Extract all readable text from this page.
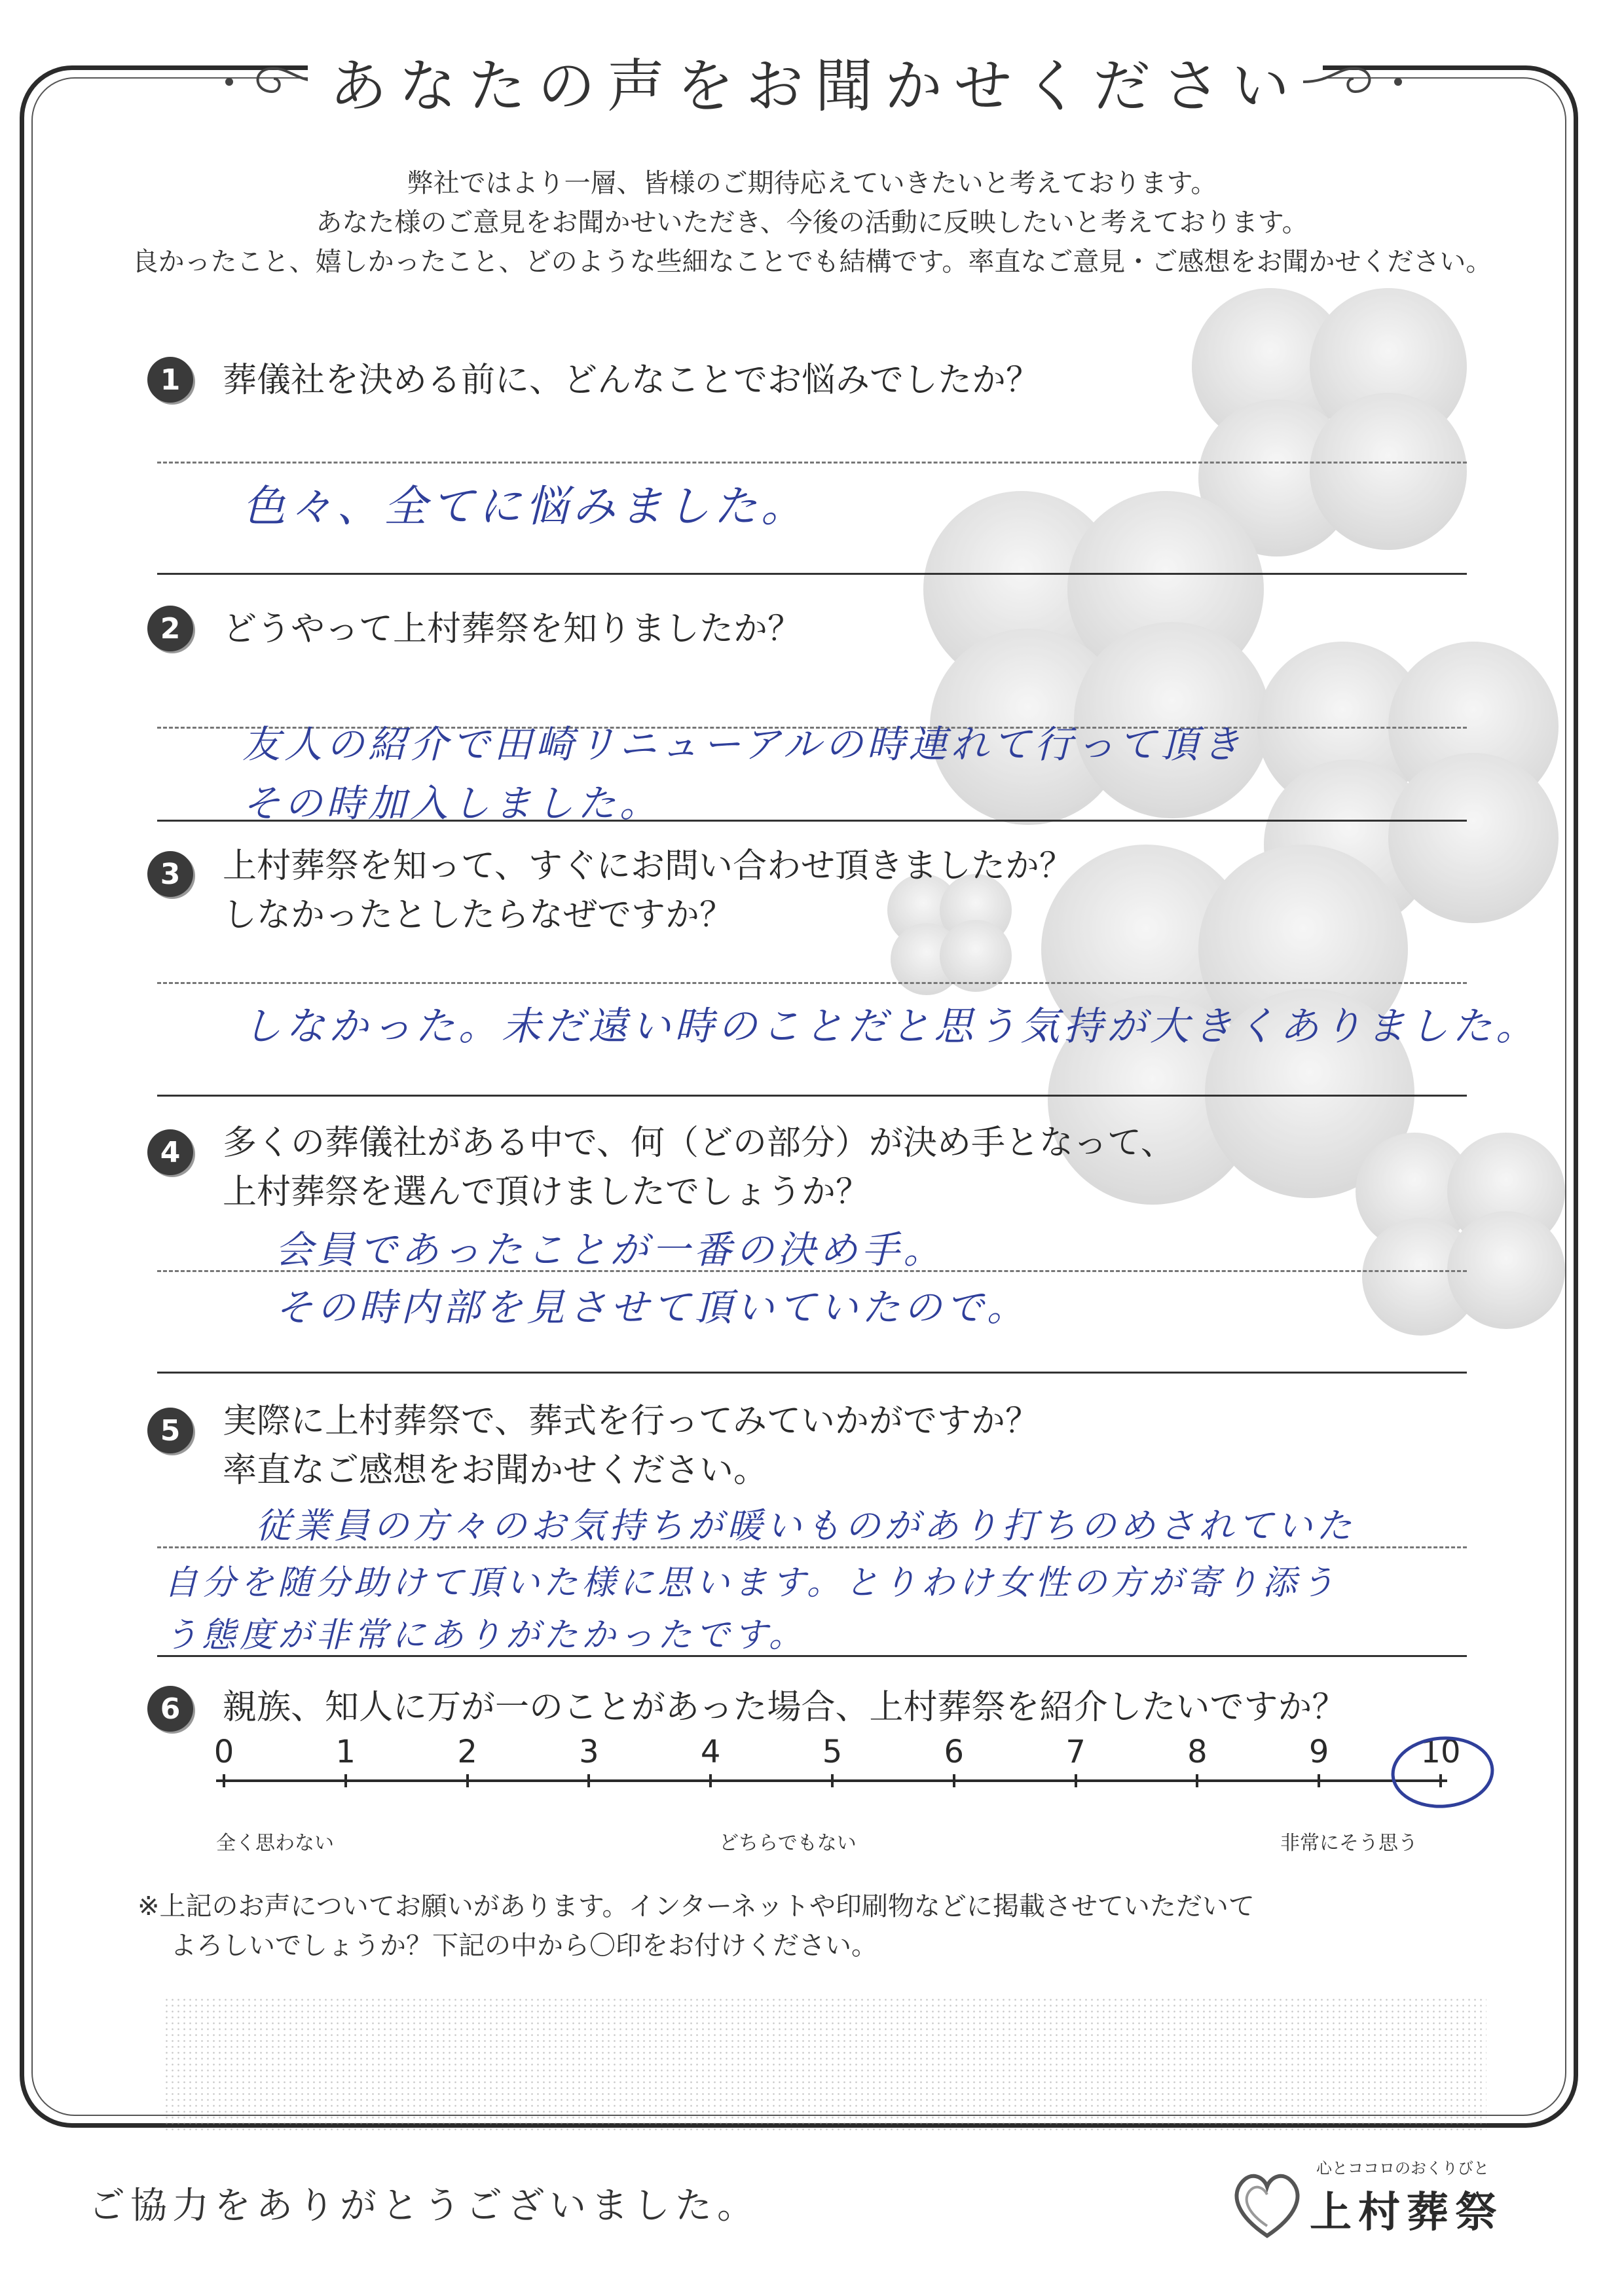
あなたの声をお聞かせください
弊社ではより一層、皆様のご期待応えていきたいと考えております。
あなた様のご意見をお聞かせいただき、今後の活動に反映したいと考えております。
良かったこと、嬉しかったこと、どのような些細なことでも結構です。率直なご意見・ご感想をお聞かせください。
1	葬儀社を決める前に、どんなことでお悩みでしたか？
色々、全てに悩みました。
2	どうやって上村葬祭を知りましたか？
友人の紹介で田崎リニューアルの時連れて行って頂き
その時加入しました。
3	上村葬祭を知って、すぐにお問い合わせ頂きましたか？
しなかったとしたらなぜですか？
しなかった。未だ遠い時のことだと思う気持が大きくありました。
4	多くの葬儀社がある中で、何（どの部分）が決め手となって、
上村葬祭を選んで頂けましたでしょうか？
会員であったことが一番の決め手。
その時内部を見させて頂いていたので。
5	実際に上村葬祭で、葬式を行ってみていかがですか？
率直なご感想をお聞かせください。
従業員の方々のお気持ちが暖いものがあり打ちのめされていた
自分を随分助けて頂いた様に思います。とりわけ女性の方が寄り添う
う態度が非常にありがたかったです。
6	親族、知人に万が一のことがあった場合、上村葬祭を紹介したいですか？
0	1	2	3	4	5	6	7	8	9	10
全く思わない	どちらでもない	非常にそう思う
※上記のお声についてお願いがあります。インターネットや印刷物などに掲載させていただいて
よろしいでしょうか？下記の中から〇印をお付けください。
ご協力をありがとうございました。
心とココロのおくりびと
上村葬祭
